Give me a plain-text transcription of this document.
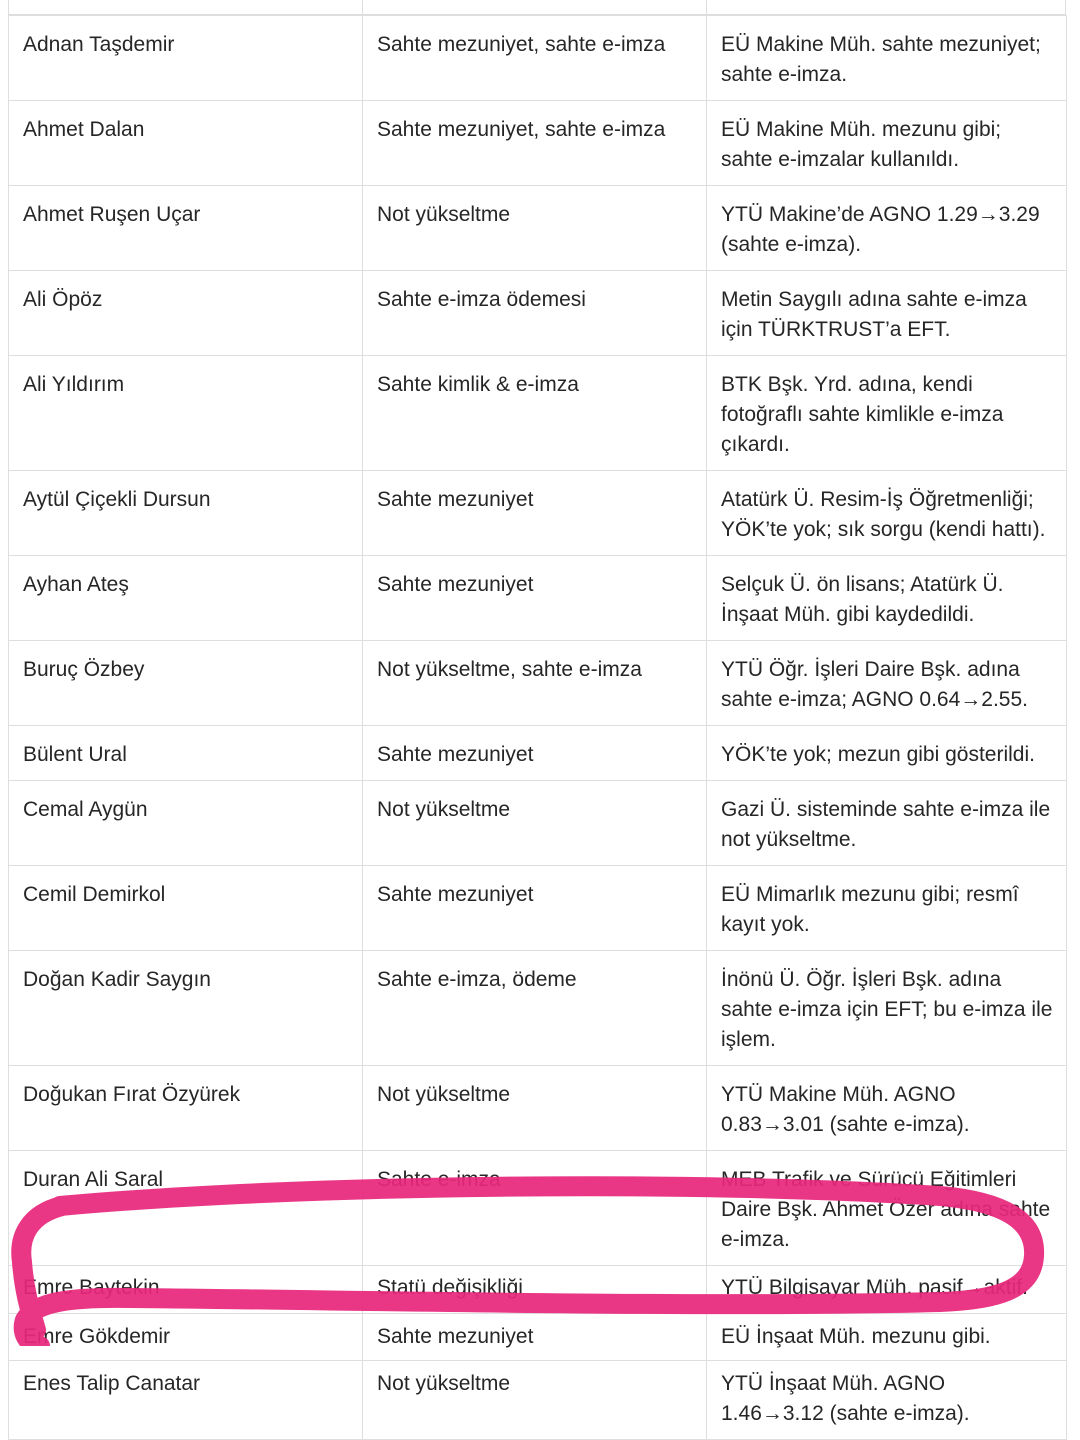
Adnan Taşdemir	Sahte mezuniyet, sahte e-imza	EÜ Makine Müh. sahte mezuniyet; sahte e-imza.
Ahmet Dalan	Sahte mezuniyet, sahte e-imza	EÜ Makine Müh. mezunu gibi; sahte e-imzalar kullanıldı.
Ahmet Ruşen Uçar	Not yükseltme	YTÜ Makine’de AGNO 1.29→3.29 (sahte e-imza).
Ali Öpöz	Sahte e-imza ödemesi	Metin Saygılı adına sahte e-imza için TÜRKTRUST’a EFT.
Ali Yıldırım	Sahte kimlik & e-imza	BTK Bşk. Yrd. adına, kendi fotoğraflı sahte kimlikle e-imza çıkardı.
Aytül Çiçekli Dursun	Sahte mezuniyet	Atatürk Ü. Resim-İş Öğretmenliği; YÖK’te yok; sık sorgu (kendi hattı).
Ayhan Ateş	Sahte mezuniyet	Selçuk Ü. ön lisans; Atatürk Ü. İnşaat Müh. gibi kaydedildi.
Buruç Özbey	Not yükseltme, sahte e-imza	YTÜ Öğr. İşleri Daire Bşk. adına sahte e-imza; AGNO 0.64→2.55.
Bülent Ural	Sahte mezuniyet	YÖK’te yok; mezun gibi gösterildi.
Cemal Aygün	Not yükseltme	Gazi Ü. sisteminde sahte e-imza ile not yükseltme.
Cemil Demirkol	Sahte mezuniyet	EÜ Mimarlık mezunu gibi; resmî kayıt yok.
Doğan Kadir Saygın	Sahte e-imza, ödeme	İnönü Ü. Öğr. İşleri Bşk. adına sahte e-imza için EFT; bu e-imza ile işlem.
Doğukan Fırat Özyürek	Not yükseltme	YTÜ Makine Müh. AGNO 0.83→3.01 (sahte e-imza).
Duran Ali Saral	Sahte e-imza	MEB Trafik ve Sürücü Eğitimleri Daire Bşk. Ahmet Özer adına sahte e-imza.
Emre Baytekin	Statü değişikliği	YTÜ Bilgisayar Müh. pasif→aktif.
Emre Gökdemir	Sahte mezuniyet	EÜ İnşaat Müh. mezunu gibi.
Enes Talip Canatar	Not yükseltme	YTÜ İnşaat Müh. AGNO 1.46→3.12 (sahte e-imza).
